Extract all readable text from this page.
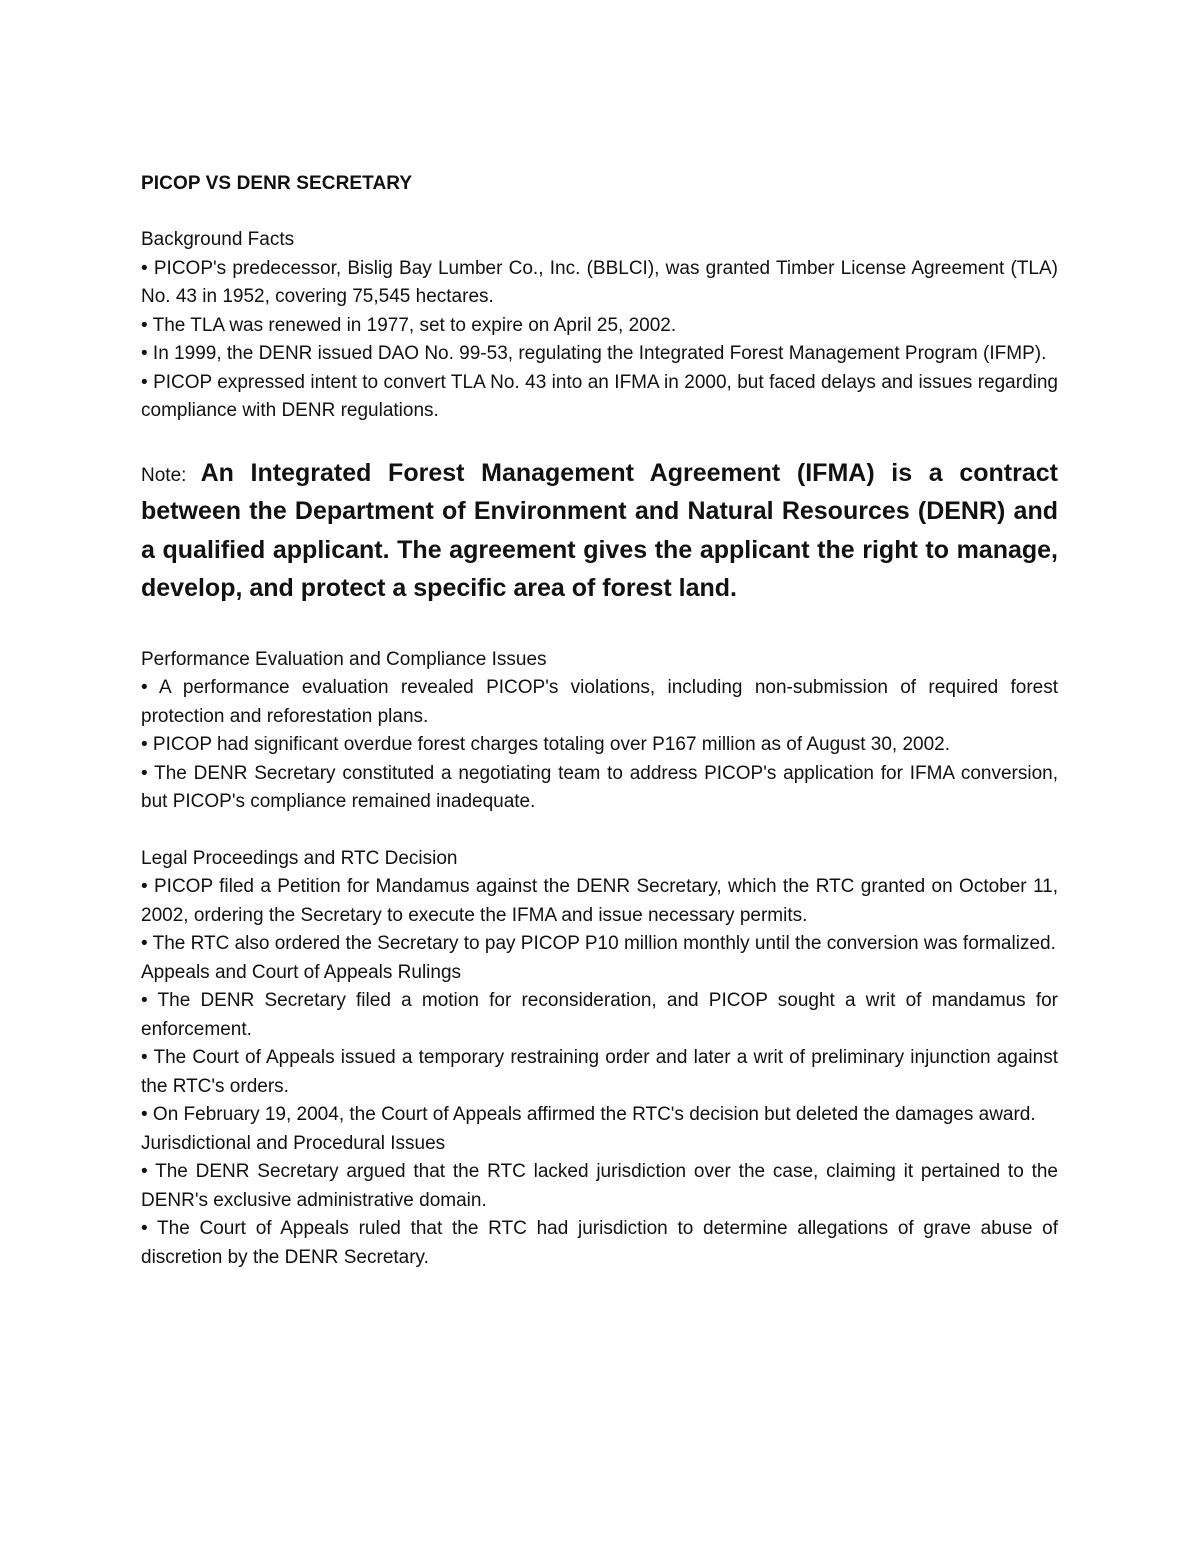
PICOP VS DENR SECRETARY

Background Facts

• PICOP's predecessor, Bislig Bay Lumber Co., Inc. (BBLCI), was granted Timber License Agreement (TLA) No. 43 in 1952, covering 75,545 hectares.

• The TLA was renewed in 1977, set to expire on April 25, 2002.

• In 1999, the DENR issued DAO No. 99-53, regulating the Integrated Forest Management Program (IFMP).

• PICOP expressed intent to convert TLA No. 43 into an IFMA in 2000, but faced delays and issues regarding compliance with DENR regulations.

Note: An Integrated Forest Management Agreement (IFMA) is a contract between the Department of Environment and Natural Resources (DENR) and a qualified applicant. The agreement gives the applicant the right to manage, develop, and protect a specific area of forest land.

Performance Evaluation and Compliance Issues

• A performance evaluation revealed PICOP's violations, including non-submission of required forest protection and reforestation plans.

• PICOP had significant overdue forest charges totaling over P167 million as of August 30, 2002.

• The DENR Secretary constituted a negotiating team to address PICOP's application for IFMA conversion, but PICOP's compliance remained inadequate.

Legal Proceedings and RTC Decision

• PICOP filed a Petition for Mandamus against the DENR Secretary, which the RTC granted on October 11, 2002, ordering the Secretary to execute the IFMA and issue necessary permits.

• The RTC also ordered the Secretary to pay PICOP P10 million monthly until the conversion was formalized.

Appeals and Court of Appeals Rulings

• The DENR Secretary filed a motion for reconsideration, and PICOP sought a writ of mandamus for enforcement.

• The Court of Appeals issued a temporary restraining order and later a writ of preliminary injunction against the RTC's orders.

• On February 19, 2004, the Court of Appeals affirmed the RTC's decision but deleted the damages award.

Jurisdictional and Procedural Issues

• The DENR Secretary argued that the RTC lacked jurisdiction over the case, claiming it pertained to the DENR's exclusive administrative domain.

• The Court of Appeals ruled that the RTC had jurisdiction to determine allegations of grave abuse of discretion by the DENR Secretary.
